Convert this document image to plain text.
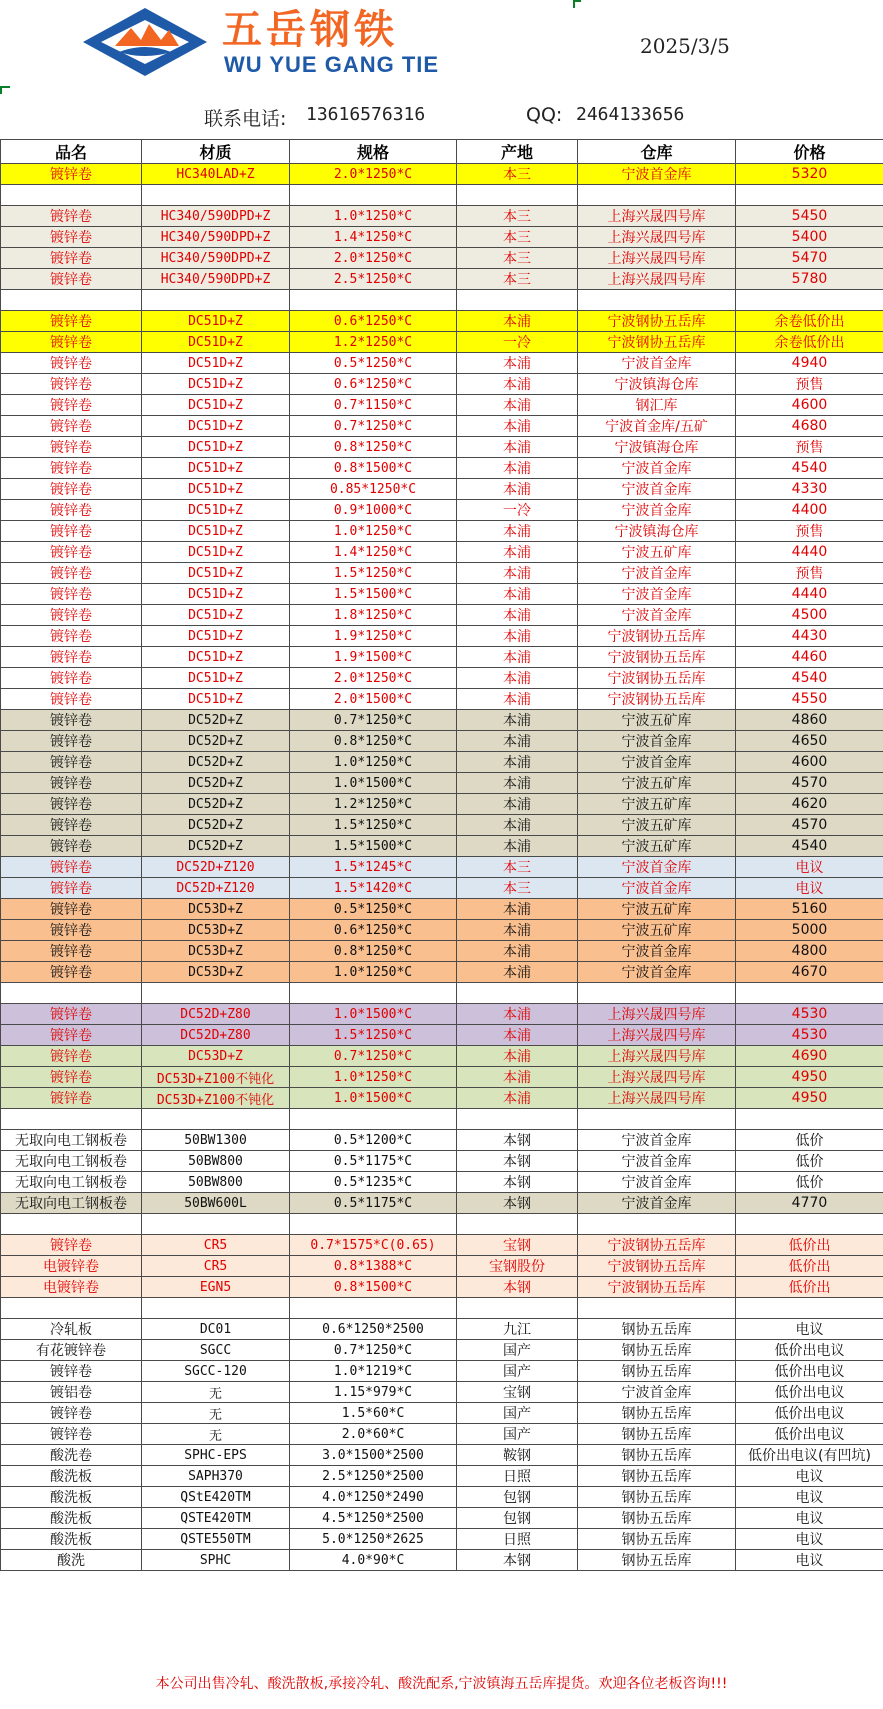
五岳钢铁
WU YUE GANG TIE
2025/3/5
联系电话: 13616576316	QQ: 2464133656
品名	材质	规格	产地	仓库	价格
镀锌卷	HC340LAD+Z	2.0*1250*C	本三	宁波首金库	5320

镀锌卷	HC340/590DPD+Z	1.0*1250*C	本三	上海兴晟四号库	5450
镀锌卷	HC340/590DPD+Z	1.4*1250*C	本三	上海兴晟四号库	5400
镀锌卷	HC340/590DPD+Z	2.0*1250*C	本三	上海兴晟四号库	5470
镀锌卷	HC340/590DPD+Z	2.5*1250*C	本三	上海兴晟四号库	5780

镀锌卷	DC51D+Z	0.6*1250*C	本浦	宁波钢协五岳库	余卷低价出
镀锌卷	DC51D+Z	1.2*1250*C	一冷	宁波钢协五岳库	余卷低价出
镀锌卷	DC51D+Z	0.5*1250*C	本浦	宁波首金库	4940
镀锌卷	DC51D+Z	0.6*1250*C	本浦	宁波镇海仓库	预售
镀锌卷	DC51D+Z	0.7*1150*C	本浦	钢汇库	4600
镀锌卷	DC51D+Z	0.7*1250*C	本浦	宁波首金库/五矿	4680
镀锌卷	DC51D+Z	0.8*1250*C	本浦	宁波镇海仓库	预售
镀锌卷	DC51D+Z	0.8*1500*C	本浦	宁波首金库	4540
镀锌卷	DC51D+Z	0.85*1250*C	本浦	宁波首金库	4330
镀锌卷	DC51D+Z	0.9*1000*C	一冷	宁波首金库	4400
镀锌卷	DC51D+Z	1.0*1250*C	本浦	宁波镇海仓库	预售
镀锌卷	DC51D+Z	1.4*1250*C	本浦	宁波五矿库	4440
镀锌卷	DC51D+Z	1.5*1250*C	本浦	宁波首金库	预售
镀锌卷	DC51D+Z	1.5*1500*C	本浦	宁波首金库	4440
镀锌卷	DC51D+Z	1.8*1250*C	本浦	宁波首金库	4500
镀锌卷	DC51D+Z	1.9*1250*C	本浦	宁波钢协五岳库	4430
镀锌卷	DC51D+Z	1.9*1500*C	本浦	宁波钢协五岳库	4460
镀锌卷	DC51D+Z	2.0*1250*C	本浦	宁波钢协五岳库	4540
镀锌卷	DC51D+Z	2.0*1500*C	本浦	宁波钢协五岳库	4550
镀锌卷	DC52D+Z	0.7*1250*C	本浦	宁波五矿库	4860
镀锌卷	DC52D+Z	0.8*1250*C	本浦	宁波首金库	4650
镀锌卷	DC52D+Z	1.0*1250*C	本浦	宁波首金库	4600
镀锌卷	DC52D+Z	1.0*1500*C	本浦	宁波五矿库	4570
镀锌卷	DC52D+Z	1.2*1250*C	本浦	宁波五矿库	4620
镀锌卷	DC52D+Z	1.5*1250*C	本浦	宁波五矿库	4570
镀锌卷	DC52D+Z	1.5*1500*C	本浦	宁波五矿库	4540
镀锌卷	DC52D+Z120	1.5*1245*C	本三	宁波首金库	电议
镀锌卷	DC52D+Z120	1.5*1420*C	本三	宁波首金库	电议
镀锌卷	DC53D+Z	0.5*1250*C	本浦	宁波五矿库	5160
镀锌卷	DC53D+Z	0.6*1250*C	本浦	宁波五矿库	5000
镀锌卷	DC53D+Z	0.8*1250*C	本浦	宁波首金库	4800
镀锌卷	DC53D+Z	1.0*1250*C	本浦	宁波首金库	4670

镀锌卷	DC52D+Z80	1.0*1500*C	本浦	上海兴晟四号库	4530
镀锌卷	DC52D+Z80	1.5*1250*C	本浦	上海兴晟四号库	4530
镀锌卷	DC53D+Z	0.7*1250*C	本浦	上海兴晟四号库	4690
镀锌卷	DC53D+Z100不钝化	1.0*1250*C	本浦	上海兴晟四号库	4950
镀锌卷	DC53D+Z100不钝化	1.0*1500*C	本浦	上海兴晟四号库	4950

无取向电工钢板卷	50BW1300	0.5*1200*C	本钢	宁波首金库	低价
无取向电工钢板卷	50BW800	0.5*1175*C	本钢	宁波首金库	低价
无取向电工钢板卷	50BW800	0.5*1235*C	本钢	宁波首金库	低价
无取向电工钢板卷	50BW600L	0.5*1175*C	本钢	宁波首金库	4770

镀锌卷	CR5	0.7*1575*C(0.65)	宝钢	宁波钢协五岳库	低价出
电镀锌卷	CR5	0.8*1388*C	宝钢股份	宁波钢协五岳库	低价出
电镀锌卷	EGN5	0.8*1500*C	本钢	宁波钢协五岳库	低价出

冷轧板	DC01	0.6*1250*2500	九江	钢协五岳库	电议
有花镀锌卷	SGCC	0.7*1250*C	国产	钢协五岳库	低价出电议
镀锌卷	SGCC-120	1.0*1219*C	国产	钢协五岳库	低价出电议
镀铝卷	无	1.15*979*C	宝钢	宁波首金库	低价出电议
镀锌卷	无	1.5*60*C	国产	钢协五岳库	低价出电议
镀锌卷	无	2.0*60*C	国产	钢协五岳库	低价出电议
酸洗卷	SPHC-EPS	3.0*1500*2500	鞍钢	钢协五岳库	低价出电议(有凹坑)
酸洗板	SAPH370	2.5*1250*2500	日照	钢协五岳库	电议
酸洗板	QStE420TM	4.0*1250*2490	包钢	钢协五岳库	电议
酸洗板	QSTE420TM	4.5*1250*2500	包钢	钢协五岳库	电议
酸洗板	QSTE550TM	5.0*1250*2625	日照	钢协五岳库	电议
酸洗	SPHC	4.0*90*C	本钢	钢协五岳库	电议
本公司出售冷轧、酸洗散板,承接冷轧、酸洗配系,宁波镇海五岳库提货。欢迎各位老板咨询!!!
